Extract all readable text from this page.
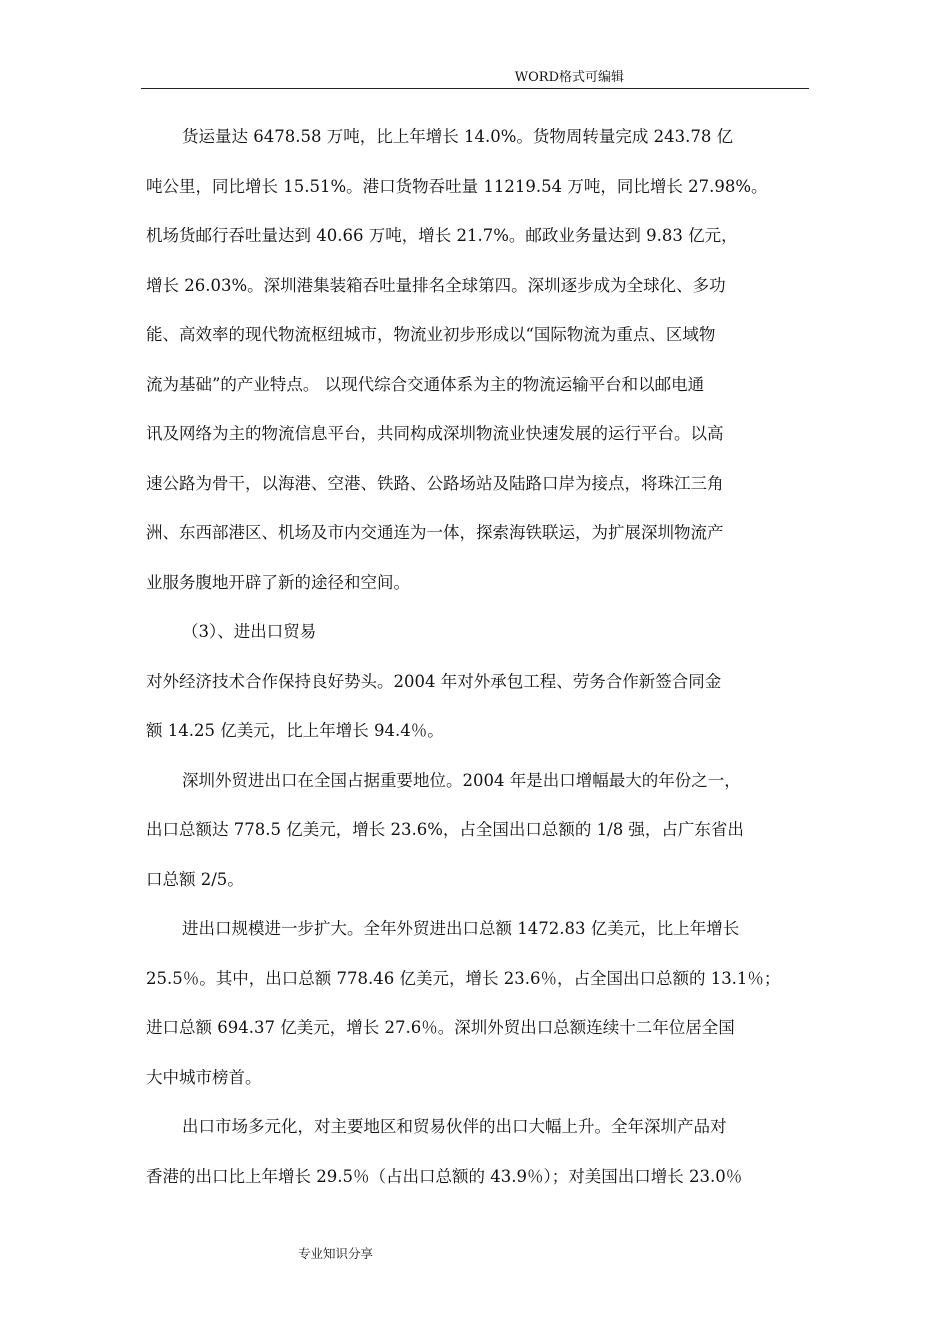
WORD格式可编辑
货运量达 6478.58 万吨，比上年增长 14.0%。货物周转量完成 243.78 亿
吨公里，同比增长 15.51%。港口货物吞吐量 11219.54 万吨，同比增长 27.98%。
机场货邮行吞吐量达到 40.66 万吨，增长 21.7%。邮政业务量达到 9.83 亿元，
增长 26.03%。深圳港集装箱吞吐量排名全球第四。深圳逐步成为全球化、多功
能、高效率的现代物流枢纽城市，物流业初步形成以“国际物流为重点、区域物
流为基础”的产业特点。 以现代综合交通体系为主的物流运输平台和以邮电通
讯及网络为主的物流信息平台，共同构成深圳物流业快速发展的运行平台。以高
速公路为骨干，以海港、空港、铁路、公路场站及陆路口岸为接点，将珠江三角
洲、东西部港区、机场及市内交通连为一体，探索海铁联运，为扩展深圳物流产
业服务腹地开辟了新的途径和空间。
（3）、进出口贸易
对外经济技术合作保持良好势头。2004 年对外承包工程、劳务合作新签合同金
额 14.25 亿美元，比上年增长 94.4％。
深圳外贸进出口在全国占据重要地位。2004 年是出口增幅最大的年份之一，
出口总额达 778.5 亿美元，增长 23.6%，占全国出口总额的 1/8 强，占广东省出
口总额 2/5。
进出口规模进一步扩大。全年外贸进出口总额 1472.83 亿美元，比上年增长
25.5％。其中，出口总额 778.46 亿美元，增长 23.6％，占全国出口总额的 13.1％；
进口总额 694.37 亿美元，增长 27.6％。深圳外贸出口总额连续十二年位居全国
大中城市榜首。
出口市场多元化，对主要地区和贸易伙伴的出口大幅上升。全年深圳产品对
香港的出口比上年增长 29.5％（占出口总额的 43.9％）；对美国出口增长 23.0％
专业知识分享
